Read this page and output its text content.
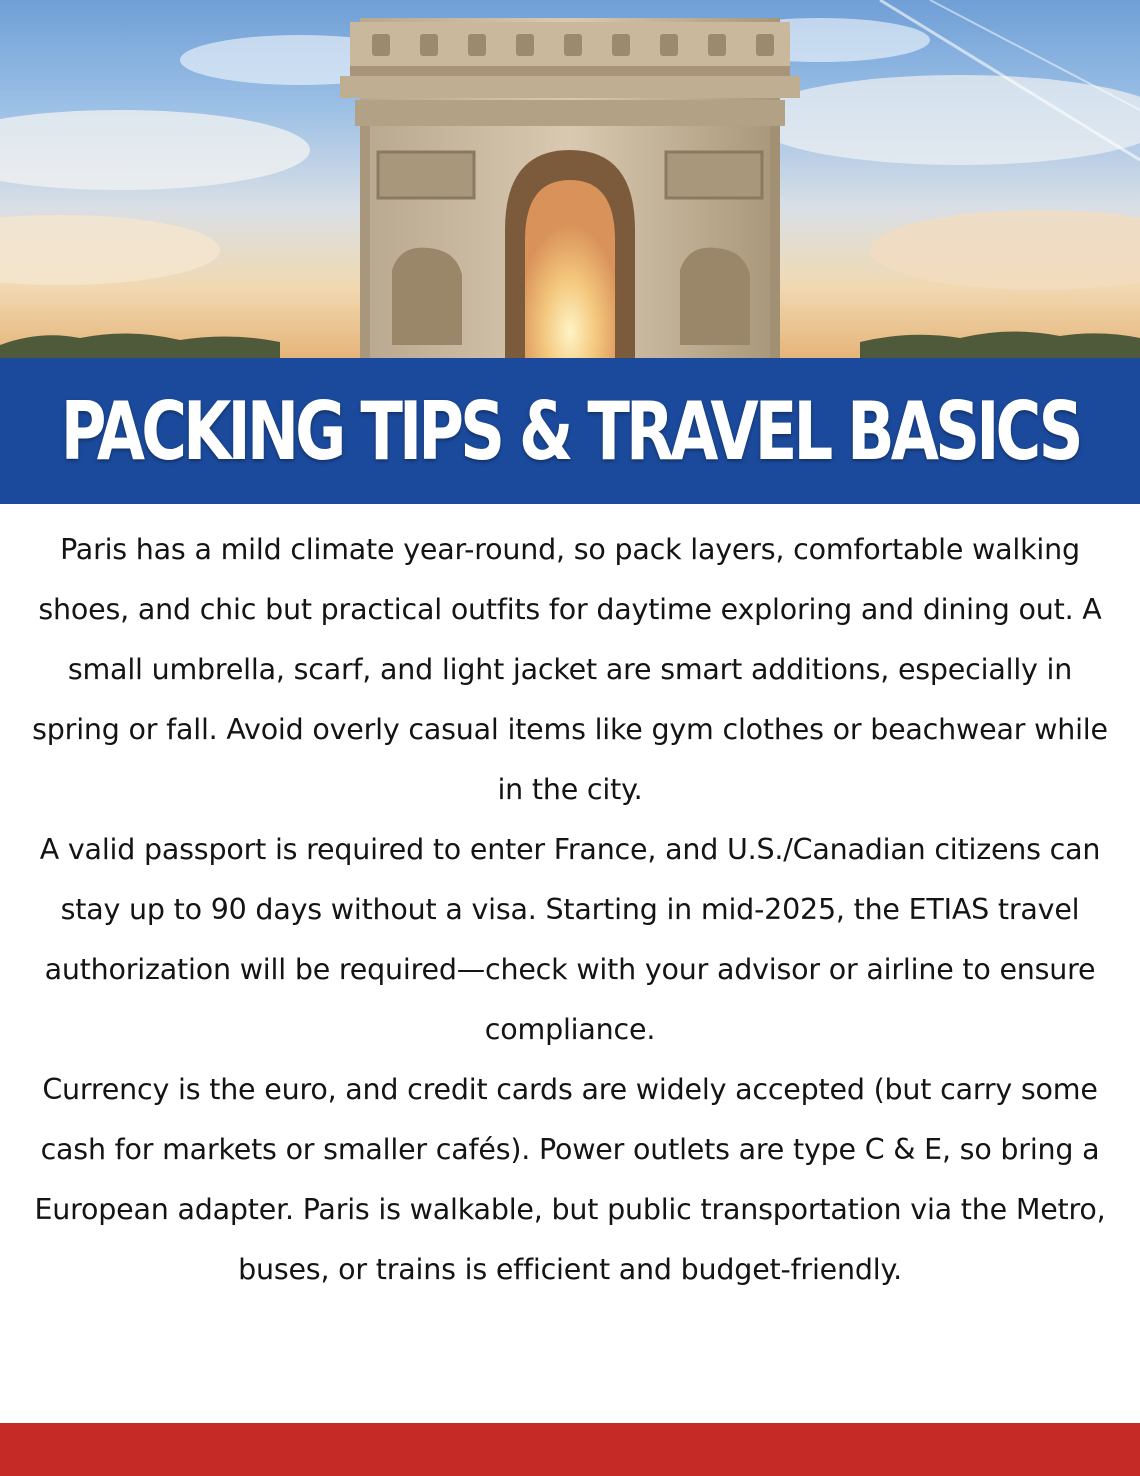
PACKING TIPS & TRAVEL BASICS

Paris has a mild climate year-round, so pack layers, comfortable walking shoes, and chic but practical outfits for daytime exploring and dining out. A small umbrella, scarf, and light jacket are smart additions, especially in spring or fall. Avoid overly casual items like gym clothes or beachwear while in the city.

A valid passport is required to enter France, and U.S./Canadian citizens can stay up to 90 days without a visa. Starting in mid-2025, the ETIAS travel authorization will be required—check with your advisor or airline to ensure compliance.

Currency is the euro, and credit cards are widely accepted (but carry some cash for markets or smaller cafés). Power outlets are type C & E, so bring a European adapter. Paris is walkable, but public transportation via the Metro, buses, or trains is efficient and budget-friendly.
